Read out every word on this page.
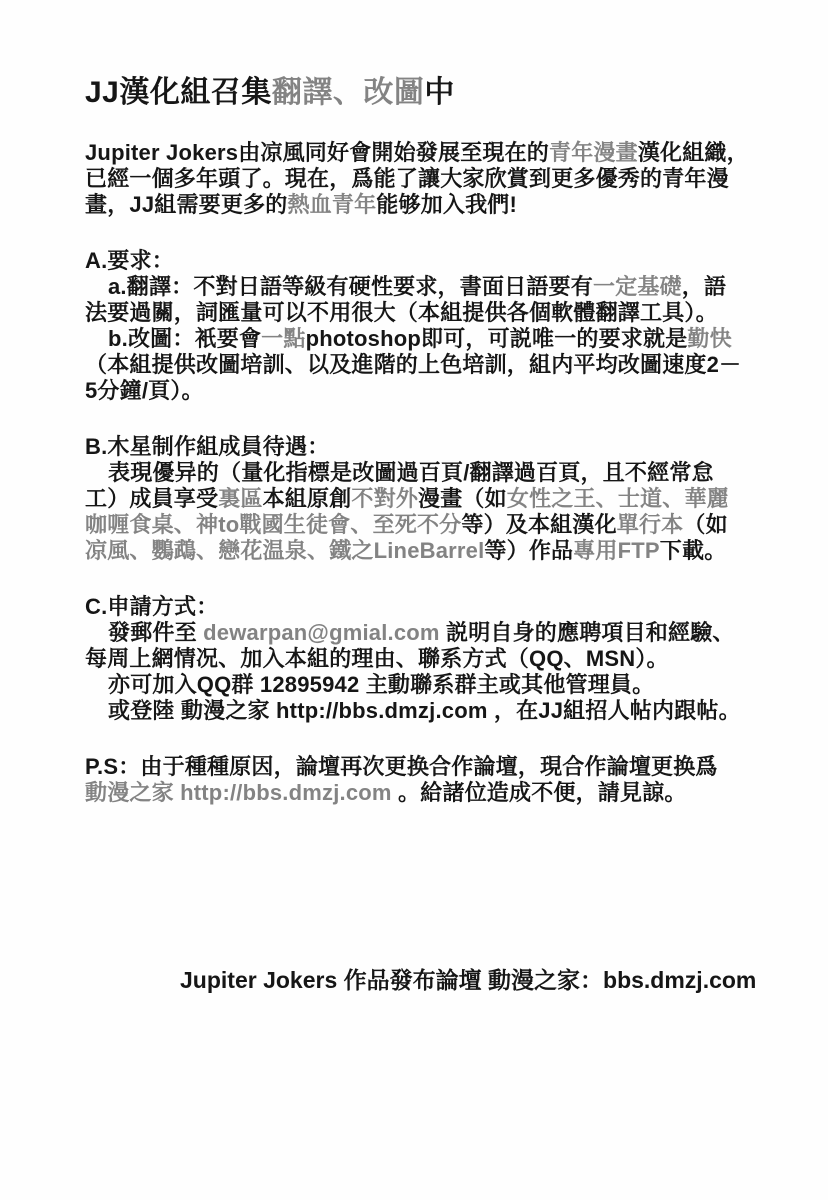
JJ漢化組召集翻譯、改圖中
Jupiter Jokers由凉風同好會開始發展至現在的青年漫畫漢化組織，
已經一個多年頭了。現在，爲能了讓大家欣賞到更多優秀的青年漫
畫，JJ組需要更多的熱血青年能够加入我們!
A.要求：
a.翻譯：不對日語等級有硬性要求，書面日語要有一定基礎，語
法要過關，詞匯量可以不用很大（本組提供各個軟體翻譯工具）。
b.改圖：衹要會一點photoshop即可，可説唯一的要求就是勤快
（本組提供改圖培訓、以及進階的上色培訓，組内平均改圖速度2－
5分鐘/頁）。
B.木星制作組成員待遇：
表現優异的（量化指標是改圖過百頁/翻譯過百頁，且不經常怠
工）成員享受裏區本組原創不對外漫畫（如女性之王、士道、華麗
咖喱食桌、神to戰國生徒會、至死不分等）及本組漢化單行本（如
凉風、鸚鵡、戀花温泉、鐵之LineBarrel等）作品專用FTP下載。
C.申請方式：
發郵件至 dewarpan@gmial.com 説明自身的應聘項目和經驗、
每周上網情况、加入本組的理由、聯系方式（QQ、MSN）。
亦可加入QQ群 12895942 主動聯系群主或其他管理員。
或登陸 動漫之家 http://bbs.dmzj.com ，在JJ組招人帖内跟帖。
P.S：由于種種原因，論壇再次更换合作論壇，現合作論壇更换爲
動漫之家 http://bbs.dmzj.com 。給諸位造成不便，請見諒。
Jupiter Jokers 作品發布論壇 動漫之家：bbs.dmzj.com
